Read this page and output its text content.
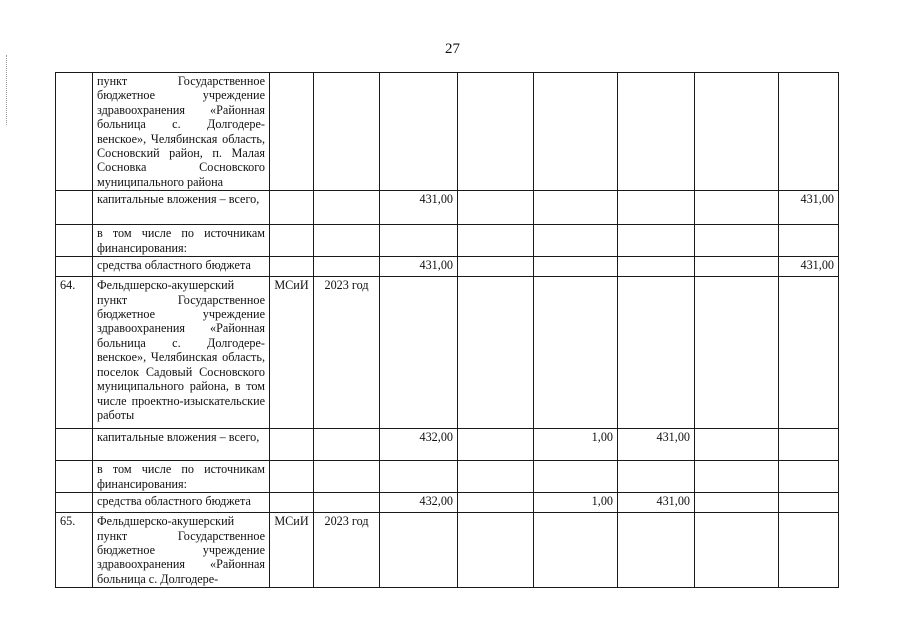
27
	пункт Государственное бюджетное учреждение здравоохранения «Районная больница с. Долгодере-венское», Челябинская область, Сосновский район, п. Малая Сосновка Сосновского муниципального района								
	капитальные вложения – всего,			431,00					431,00
	в том числе по источникам финансирования:								
	средства областного бюджета			431,00					431,00
64.	Фельдшерско-акушерский пункт Государственное бюджетное учреждение здравоохранения «Районная больница с. Долгодере-венское», Челябинская область, поселок Садовый Сосновского муниципального района, в том числе проектно-изыскательские работы	МСиИ	2023 год						
	капитальные вложения – всего,			432,00		1,00	431,00		
	в том числе по источникам финансирования:								
	средства областного бюджета			432,00		1,00	431,00		
65.	Фельдшерско-акушерский пункт Государственное бюджетное учреждение здравоохранения «Районная больница с. Долгодере-	МСиИ	2023 год						
